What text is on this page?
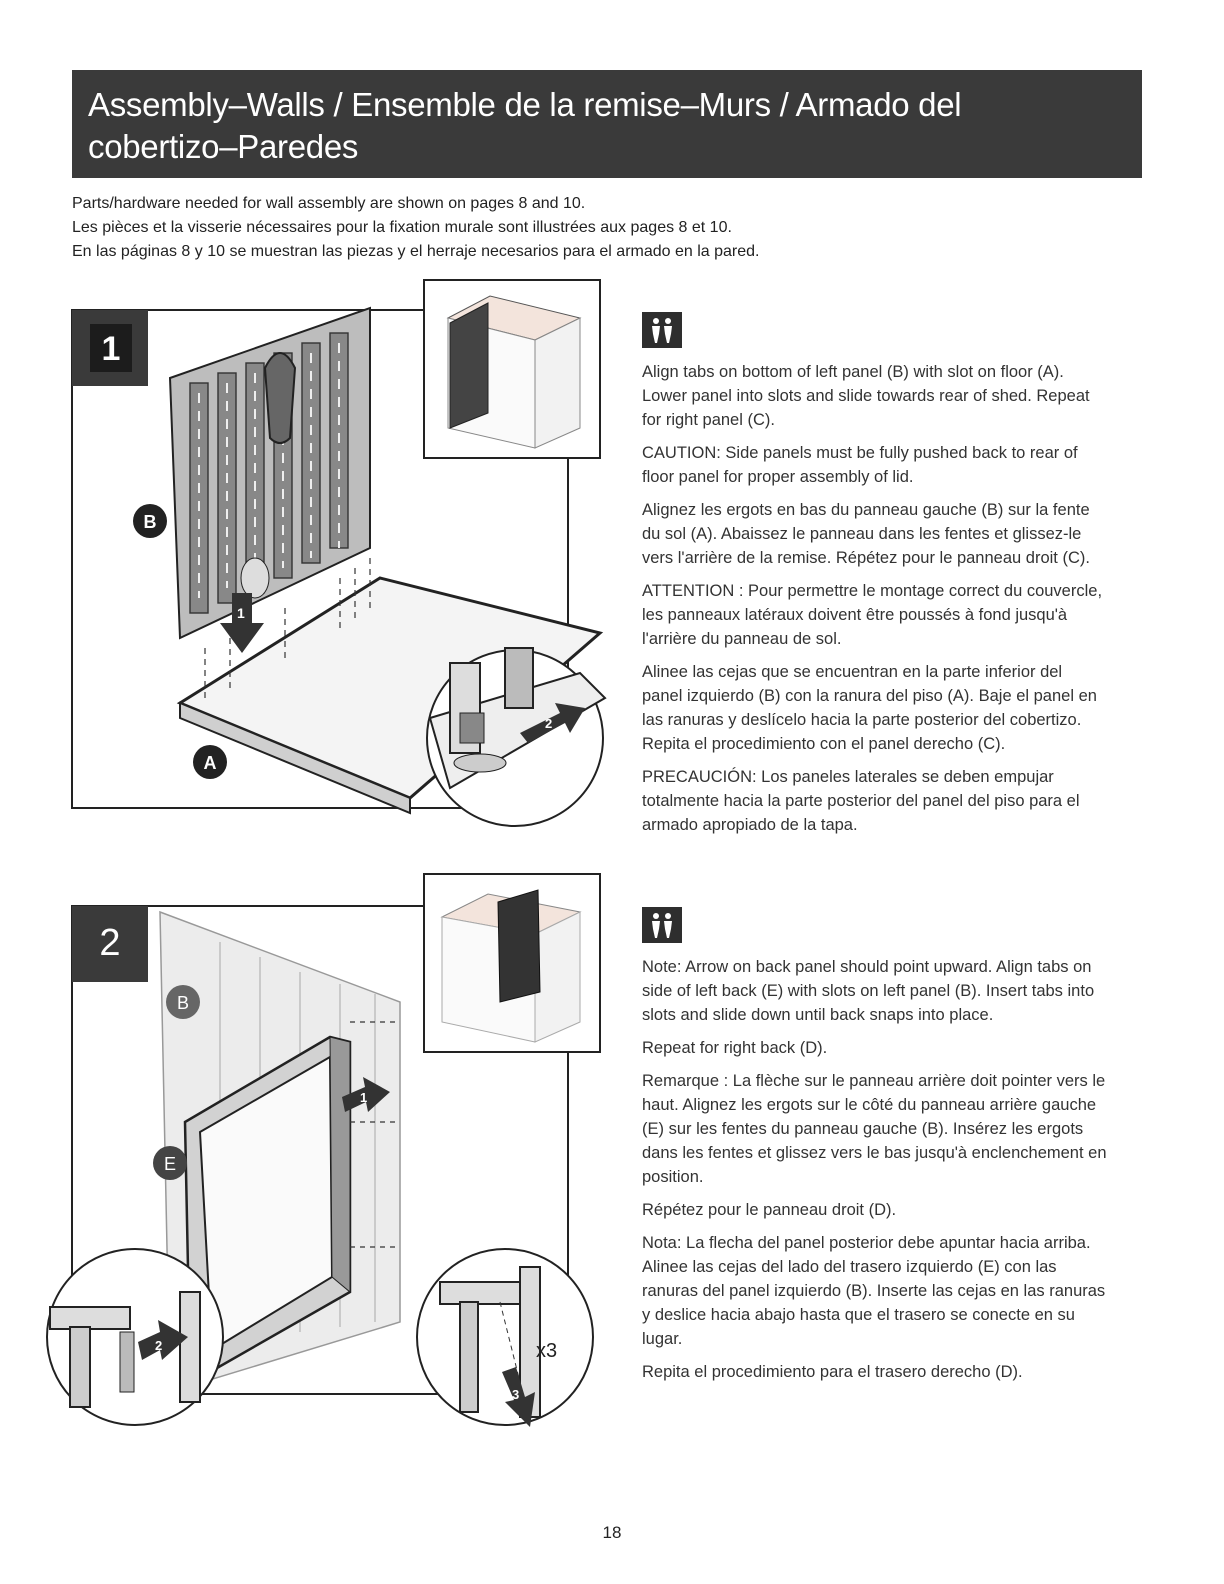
Assembly–Walls / Ensemble de la remise–Murs / Armado del
cobertizo–Paredes

Parts/hardware needed for wall assembly are shown on pages 8 and 10.

Les pièces et la visserie nécessaires pour la fixation murale sont illustrées aux pages 8 et 10.

En las páginas 8 y 10 se muestran las piezas y el herraje necesarios para el armado en la pared.

1
1
B
A
2

Align tabs on bottom of left panel (B) with slot on floor (A). Lower panel into slots and slide towards rear of shed. Repeat for right panel (C).

CAUTION: Side panels must be fully pushed back to rear of floor panel for proper assembly of lid.

Alignez les ergots en bas du panneau gauche (B) sur la fente du sol (A). Abaissez le panneau dans les fentes et glissez-le vers l'arrière de la remise. Répétez pour le panneau droit (C).

ATTENTION : Pour permettre le montage correct du couvercle, les panneaux latéraux doivent être poussés à fond jusqu'à l'arrière du panneau de sol.

Alinee las cejas que se encuentran en la parte inferior del panel izquierdo (B) con la ranura del piso (A). Baje el panel en las ranuras y deslícelo hacia la parte posterior del cobertizo. Repita el procedimiento con el panel derecho (C).

PRECAUCIÓN: Los paneles laterales se deben empujar totalmente hacia la parte posterior del panel del piso para el armado apropiado de la tapa.

1
2
B
E
2
3
x3

Note: Arrow on back panel should point upward. Align tabs on side of left back (E) with slots on left panel (B). Insert tabs into slots and slide down until back snaps into place.

Repeat for right back (D).

Remarque : La flèche sur le panneau arrière doit pointer vers le haut. Alignez les ergots sur le côté du panneau arrière gauche (E) sur les fentes du panneau gauche (B). Insérez les ergots dans les fentes et glissez vers le bas jusqu'à enclenchement en position.

Répétez pour le panneau droit (D).

Nota: La flecha del panel posterior debe apuntar hacia arriba. Alinee las cejas del lado del trasero izquierdo (E) con las ranuras del panel izquierdo (B). Inserte las cejas en las ranuras y deslice hacia abajo hasta que el trasero se conecte en su lugar.

Repita el procedimiento para el trasero derecho (D).

18
